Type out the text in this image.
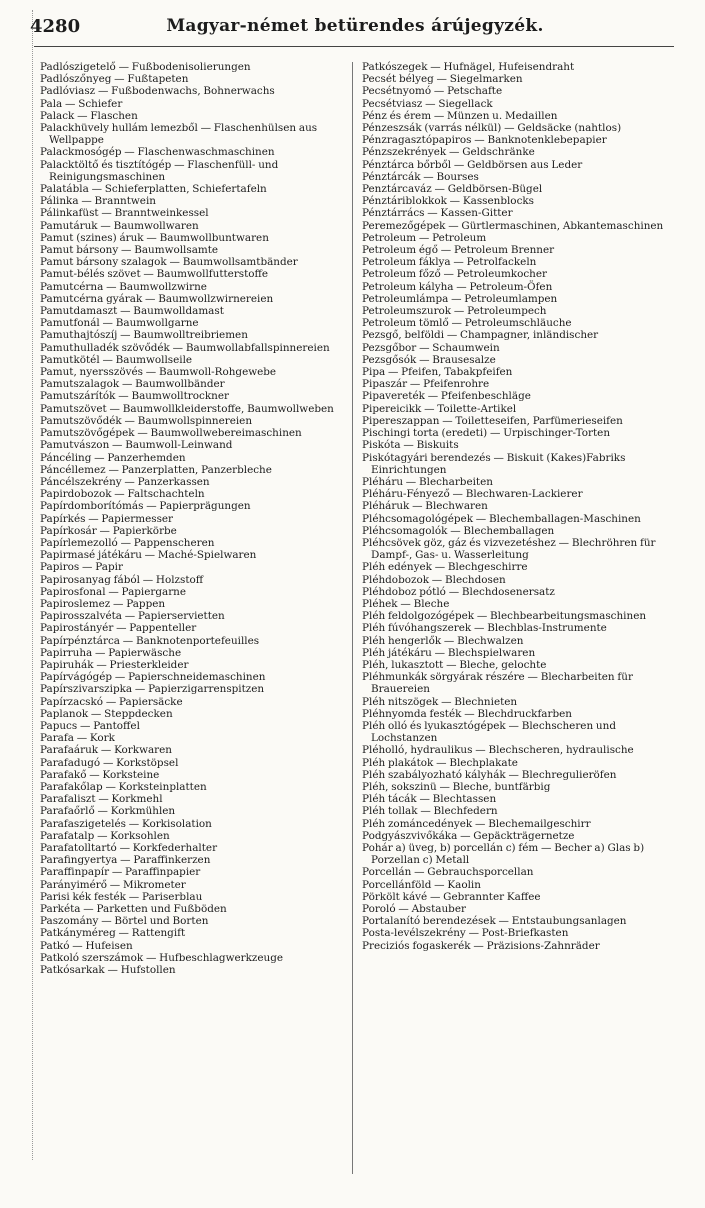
4280	Magyar-német betürendes árújegyzék.

Padlószigetelő — Fußbodenisolierungen

Padlószőnyeg — Fußtapeten

Padlóviasz — Fußbodenwachs, Bohnerwachs

Pala — Schiefer

Palack — Flaschen

Palackhüvely hullám lemezből — Flaschenhülsen aus Wellpappe

Palackmosógép — Flaschenwaschmaschinen

Palacktöltő és tisztítógép — Flaschenfüll- und Reinigungsmaschinen

Palatábla — Schieferplatten, Schiefertafeln

Pálinka — Branntwein

Pálinkafüst — Branntweinkessel

Pamutáruk — Baumwollwaren

Pamut (szines) áruk — Baumwollbuntwaren

Pamut bársony — Baumwollsamte

Pamut bársony szalagok — Baumwollsamtbänder

Pamut-bélés szövet — Baumwollfutterstoffe

Pamutcérna — Baumwollzwirne

Pamutcérna gyárak — Baumwollzwirnereien

Pamutdamaszt — Baumwolldamast

Pamutfonál — Baumwollgarne

Pamuthajtószíj — Baumwolltreibriemen

Pamuthulladék szövődék — Baumwollabfallspinnereien

Pamutkötél — Baumwollseile

Pamut, nyersszövés — Baumwoll-Rohgewebe

Pamutszalagok — Baumwollbänder

Pamutszárítók — Baumwolltrockner

Pamutszövet — Baumwollkleiderstoffe, Baumwollweben

Pamutszövődék — Baumwollspinnereien

Pamutszövőgépek — Baumwollwebereimaschinen

Pamutvászon — Baumwoll-Leinwand

Páncéling — Panzerhemden

Páncéllemez — Panzerplatten, Panzerbleche

Páncélszekrény — Panzerkassen

Papirdobozok — Faltschachteln

Papírdomborítómás — Papierprägungen

Papírkés — Papiermesser

Papírkosár — Papierkörbe

Papírlemezolló — Pappenscheren

Papirmasé játékáru — Maché-Spielwaren

Papiros — Papir

Papirosanyag fából — Holzstoff

Papirosfonal — Papiergarne

Papiroslemez — Pappen

Papirosszalvéta — Papierservietten

Papirostányér — Pappenteller

Papírpénztárca — Banknotenportefeuilles

Papirruha — Papierwäsche

Papiruhák — Priesterkleider

Papírvágógép — Papierschneidemaschinen

Papírszivarszipka — Papierzigarrenspitzen

Papírzacskó — Papiersäcke

Paplanok — Steppdecken

Papucs — Pantoffel

Parafa — Kork

Parafaáruk — Korkwaren

Parafadugó — Korkstöpsel

Parafakő — Korksteine

Parafakőlap — Korksteinplatten

Parafaliszt — Korkmehl

Parafaőrlő — Korkmühlen

Parafaszigetelés — Korkisolation

Parafatalp — Korksohlen

Parafatolltartó — Korkfederhalter

Parafingyertya — Paraffinkerzen

Paraffinpapír — Paraffinpapier

Parányimérő — Mikrometer

Parisi kék festék — Pariserblau

Parkéta — Parketten und Fußböden

Paszomány — Börtel und Borten

Patkányméreg — Rattengift

Patkó — Hufeisen

Patkoló szerszámok — Hufbeschlagwerkzeuge

Patkósarkak — Hufstollen

Patkószegek — Hufnägel, Hufeisendraht

Pecsét bélyeg — Siegelmarken

Pecsétnyomó — Petschafte

Pecsétviasz — Siegellack

Pénz és érem — Münzen u. Medaillen

Pénzeszsák (varrás nélkül) — Geldsäcke (nahtlos)

Pénzragasztópapiros — Banknotenklebepapier

Pénzszekrények — Geldschränke

Pénztárca bőrből — Geldbörsen aus Leder

Pénztárcák — Bourses

Penztárcaváz — Geldbörsen-Bügel

Pénztáriblokkok — Kassenblocks

Pénztárrács — Kassen-Gitter

Peremezőgépek — Gürtlermaschinen, Abkantemaschinen

Petroleum — Petroleum

Petroleum égő — Petroleum Brenner

Petroleum fáklya — Petrolfackeln

Petroleum főző — Petroleumkocher

Petroleum kályha — Petroleum-Öfen

Petroleumlámpa — Petroleumlampen

Petroleumszurok — Petroleumpech

Petroleum tömlő — Petroleumschläuche

Pezsgő, belföldi — Champagner, inländischer

Pezsgőbor — Schaumwein

Pezsgősók — Brausesalze

Pipa — Pfeifen, Tabakpfeifen

Pipaszár — Pfeifenrohre

Pipavereték — Pfeifenbeschläge

Pipereicikk — Toilette-Artikel

Pipereszappan — Toiletteseifen, Parfümerieseifen

Pischingi torta (eredeti) — Urpischinger-Torten

Piskóta — Biskuits

Piskótagyári berendezés — Biskuit (Kakes)Fabriks Einrichtungen

Pléháru — Blecharbeiten

Pléháru-Fényező — Blechwaren-Lackierer

Pléháruk — Blechwaren

Pléhcsomagológépek — Blechemballagen-Maschinen

Pléhcsomagolók — Blechemballagen

Pléhcsövek göz, gáz és vizvezetéshez — Blechröhren für Dampf-, Gas- u. Wasserleitung

Pléh edények — Blechgeschirre

Pléhdobozok — Blechdosen

Pléhdoboz pótló — Blechdosenersatz

Pléhek — Bleche

Pléh feldolgozógépek — Blechbearbeitungsmaschinen

Pléh fúvóhangszerek — Blechblas-Instrumente

Pléh hengerlők — Blechwalzen

Pléh játékáru — Blechspielwaren

Pléh, lukasztott — Bleche, gelochte

Pléhmunkák sörgyárak részére — Blecharbeiten für Brauereien

Pléh nitszögek — Blechnieten

Pléhnyomda festék — Blechdruckfarben

Pléh olló és lyukasztógépek — Blechscheren und Lochstanzen

Pléholló, hydraulikus — Blechscheren, hydraulische

Pléh plakátok — Blechplakate

Pléh szabályozható kályhák — Blechregulieröfen

Pléh, sokszinü — Bleche, buntfärbig

Pléh tácák — Blechtassen

Pléh tollak — Blechfedern

Pléh zománcedények — Blechemailgeschirr

Podgyászvivőkáka — Gepäckträgernetze

Pohár a) üveg, b) porcellán c) fém — Becher a) Glas b) Porzellan c) Metall

Porcellán — Gebrauchsporcellan

Porcellánföld — Kaolin

Pörkölt kávé — Gebrannter Kaffee

Poroló — Abstauber

Portalanító berendezések — Entstaubungsanlagen

Posta-levélszekrény — Post-Briefkasten

Preciziós fogaskerék — Präzisions-Zahnräder
